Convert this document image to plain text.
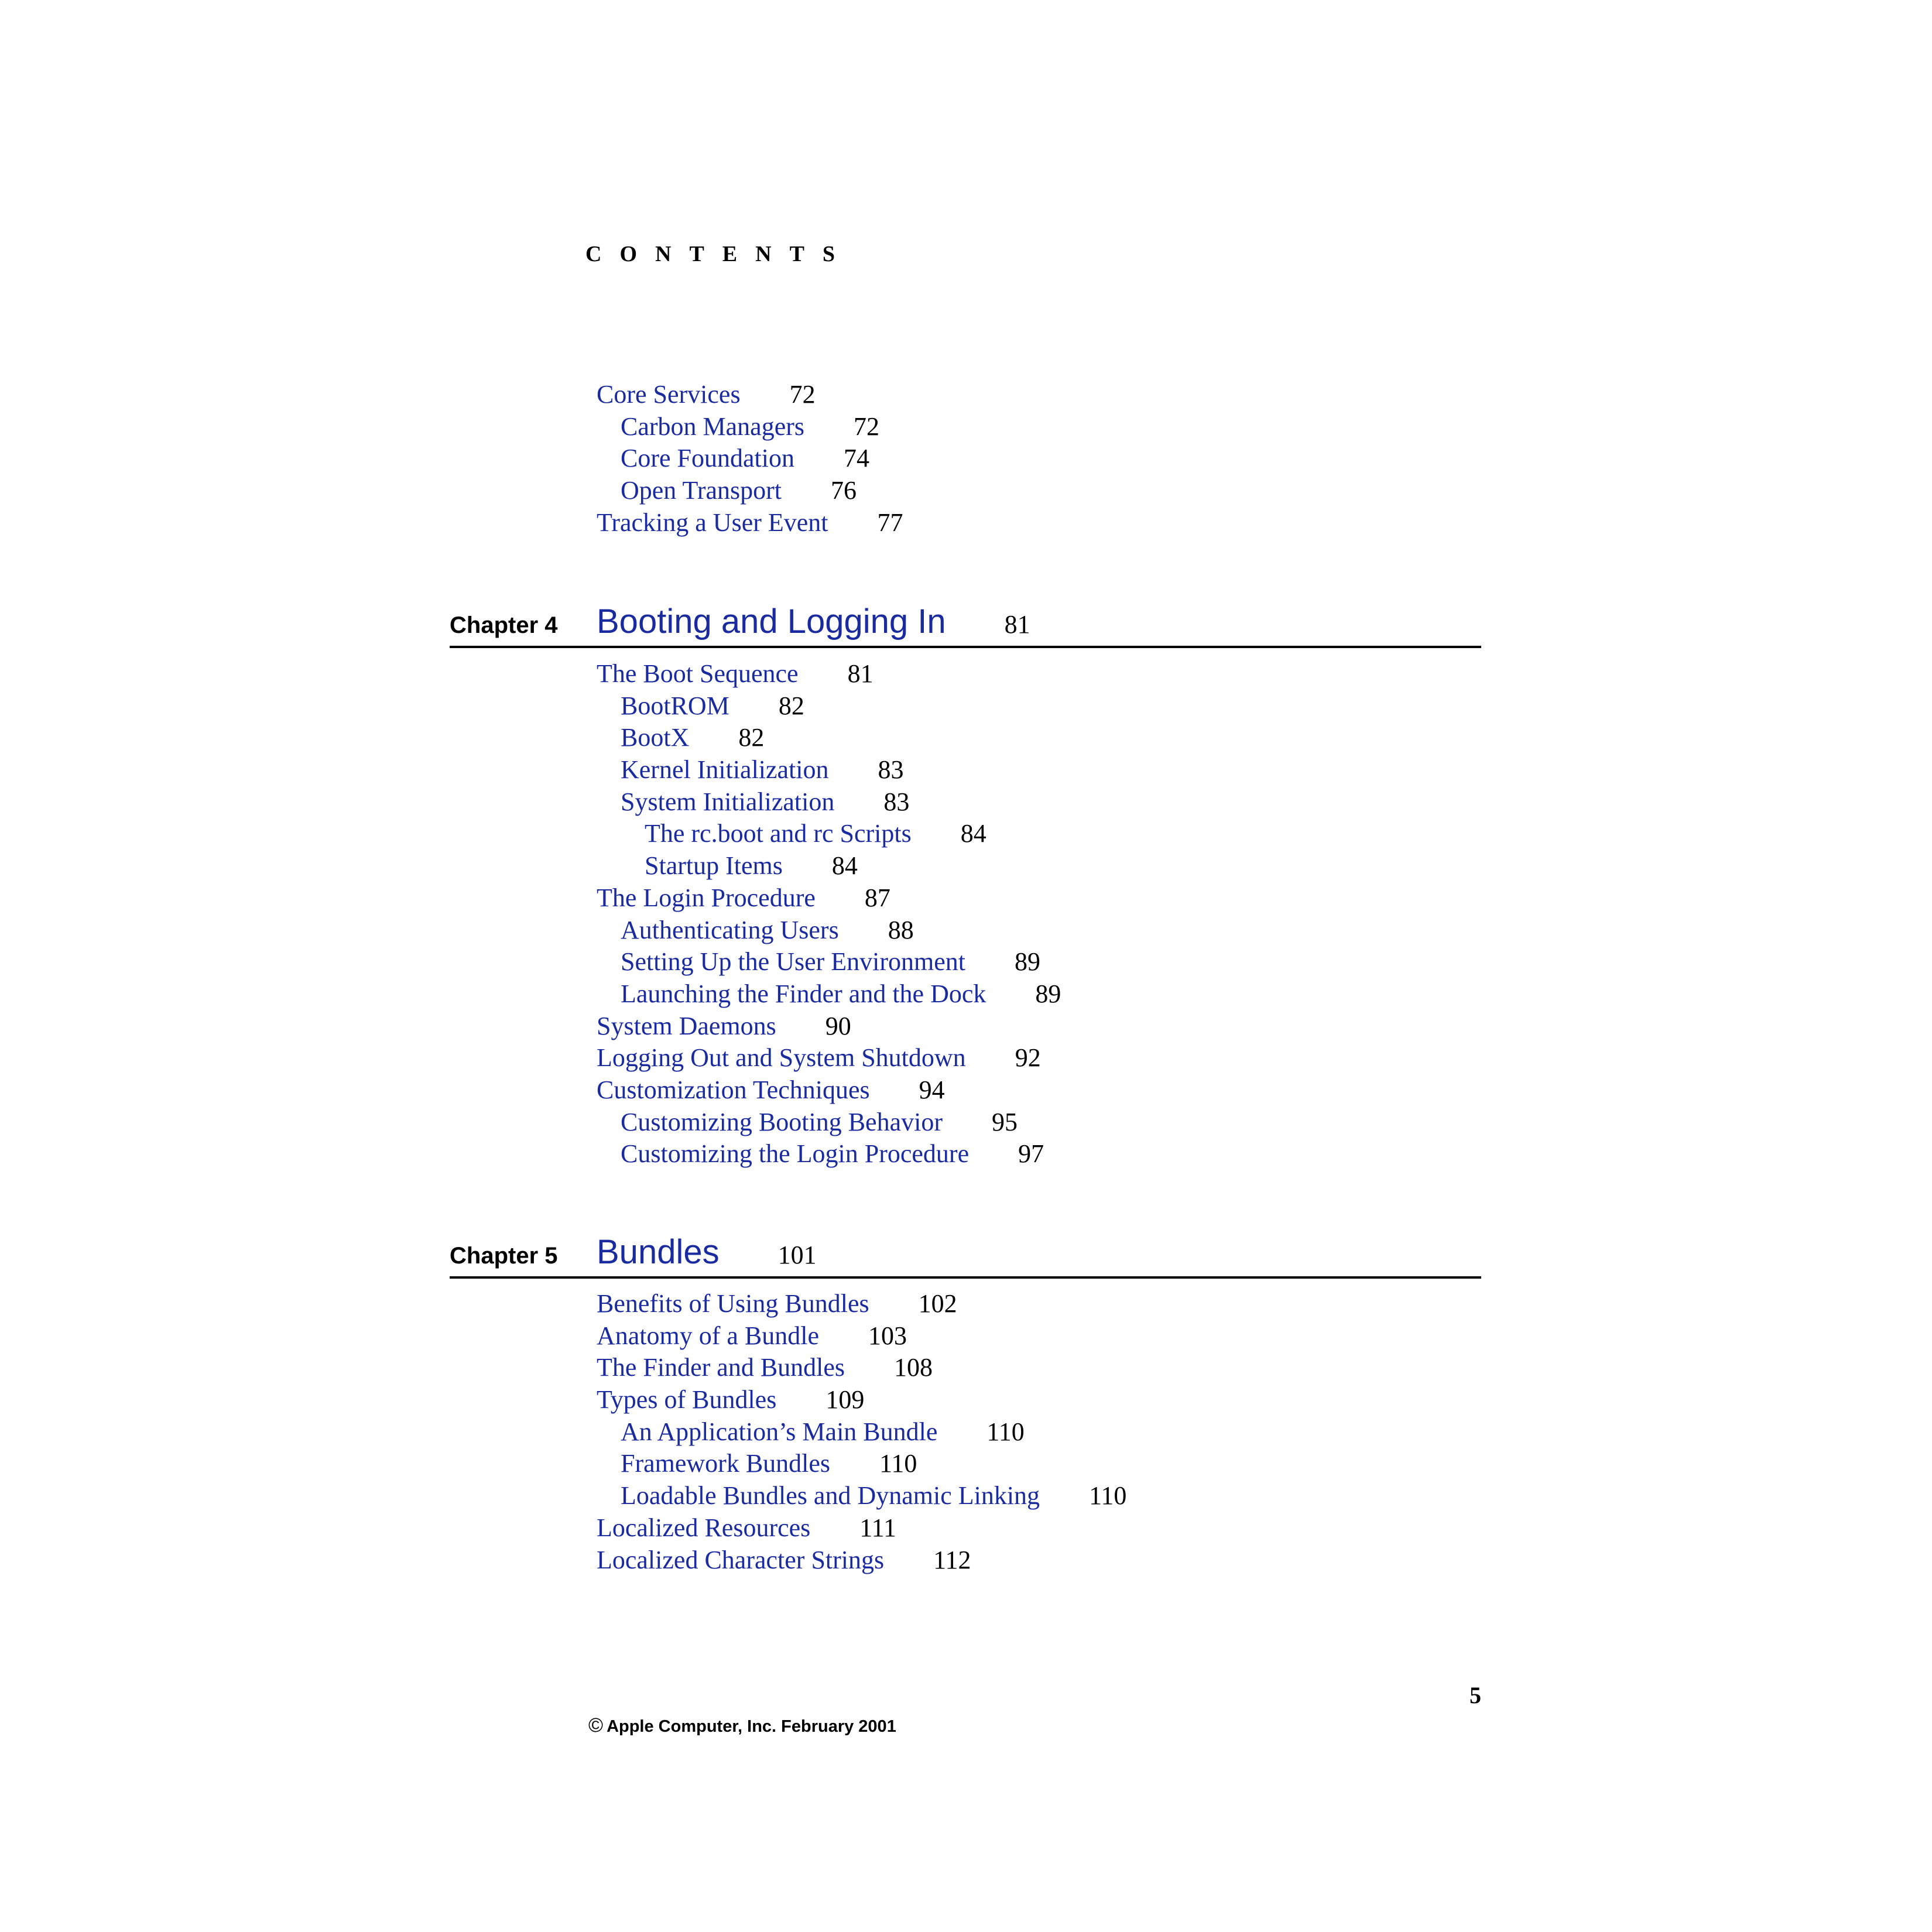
CONTENTS
Core Services 72
Carbon Managers 72
Core Foundation 74
Open Transport 76
Tracking a User Event 77
Chapter 4 Booting and Logging In 81
The Boot Sequence 81
BootROM 82
BootX 82
Kernel Initialization 83
System Initialization 83
The rc.boot and rc Scripts 84
Startup Items 84
The Login Procedure 87
Authenticating Users 88
Setting Up the User Environment 89
Launching the Finder and the Dock 89
System Daemons 90
Logging Out and System Shutdown 92
Customization Techniques 94
Customizing Booting Behavior 95
Customizing the Login Procedure 97
Chapter 5 Bundles 101
Benefits of Using Bundles 102
Anatomy of a Bundle 103
The Finder and Bundles 108
Types of Bundles 109
An Application’s Main Bundle 110
Framework Bundles 110
Loadable Bundles and Dynamic Linking 110
Localized Resources 111
Localized Character Strings 112
5
© Apple Computer, Inc. February 2001
